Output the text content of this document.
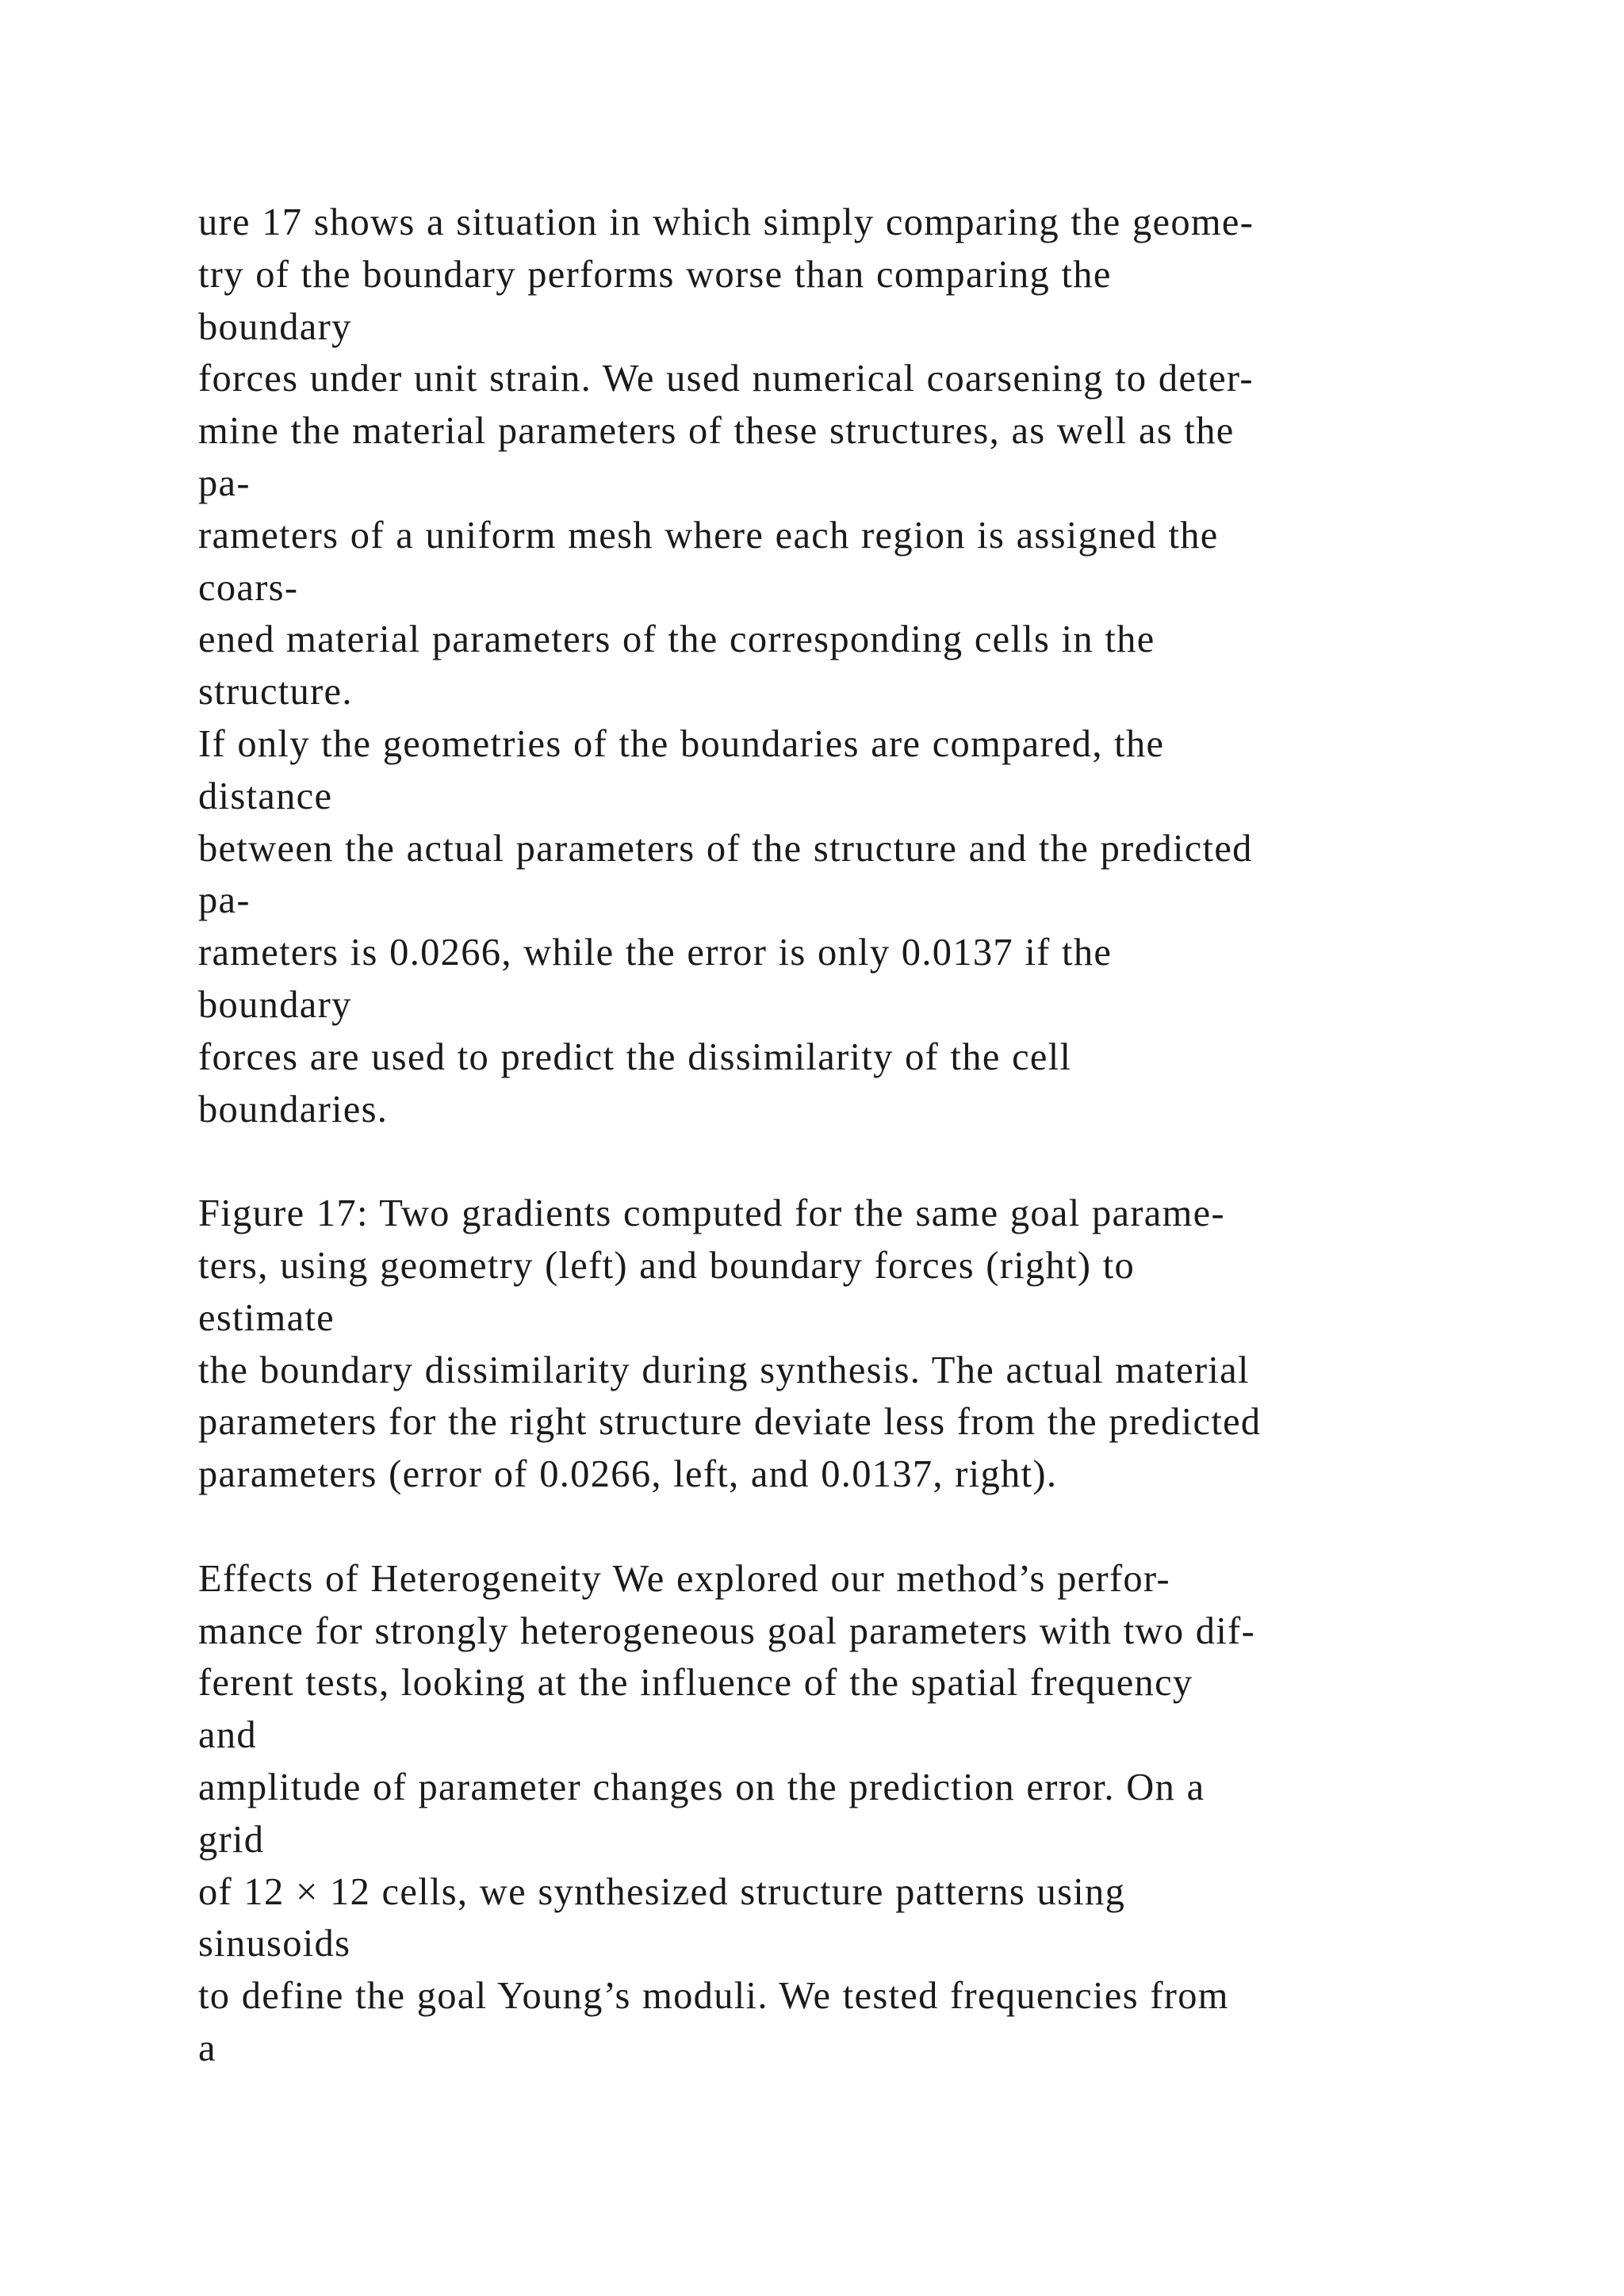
ure 17 shows a situation in which simply comparing the geome-
try of the boundary performs worse than comparing the
boundary
forces under unit strain. We used numerical coarsening to deter-
mine the material parameters of these structures, as well as the
pa-
rameters of a uniform mesh where each region is assigned the
coars-
ened material parameters of the corresponding cells in the
structure.
If only the geometries of the boundaries are compared, the
distance
between the actual parameters of the structure and the predicted
pa-
rameters is 0.0266, while the error is only 0.0137 if the
boundary
forces are used to predict the dissimilarity of the cell
boundaries.
Figure 17: Two gradients computed for the same goal parame-
ters, using geometry (left) and boundary forces (right) to
estimate
the boundary dissimilarity during synthesis. The actual material
parameters for the right structure deviate less from the predicted
parameters (error of 0.0266, left, and 0.0137, right).
Effects of Heterogeneity We explored our method’s perfor-
mance for strongly heterogeneous goal parameters with two dif-
ferent tests, looking at the influence of the spatial frequency
and
amplitude of parameter changes on the prediction error. On a
grid
of 12 × 12 cells, we synthesized structure patterns using
sinusoids
to define the goal Young’s moduli. We tested frequencies from
a
